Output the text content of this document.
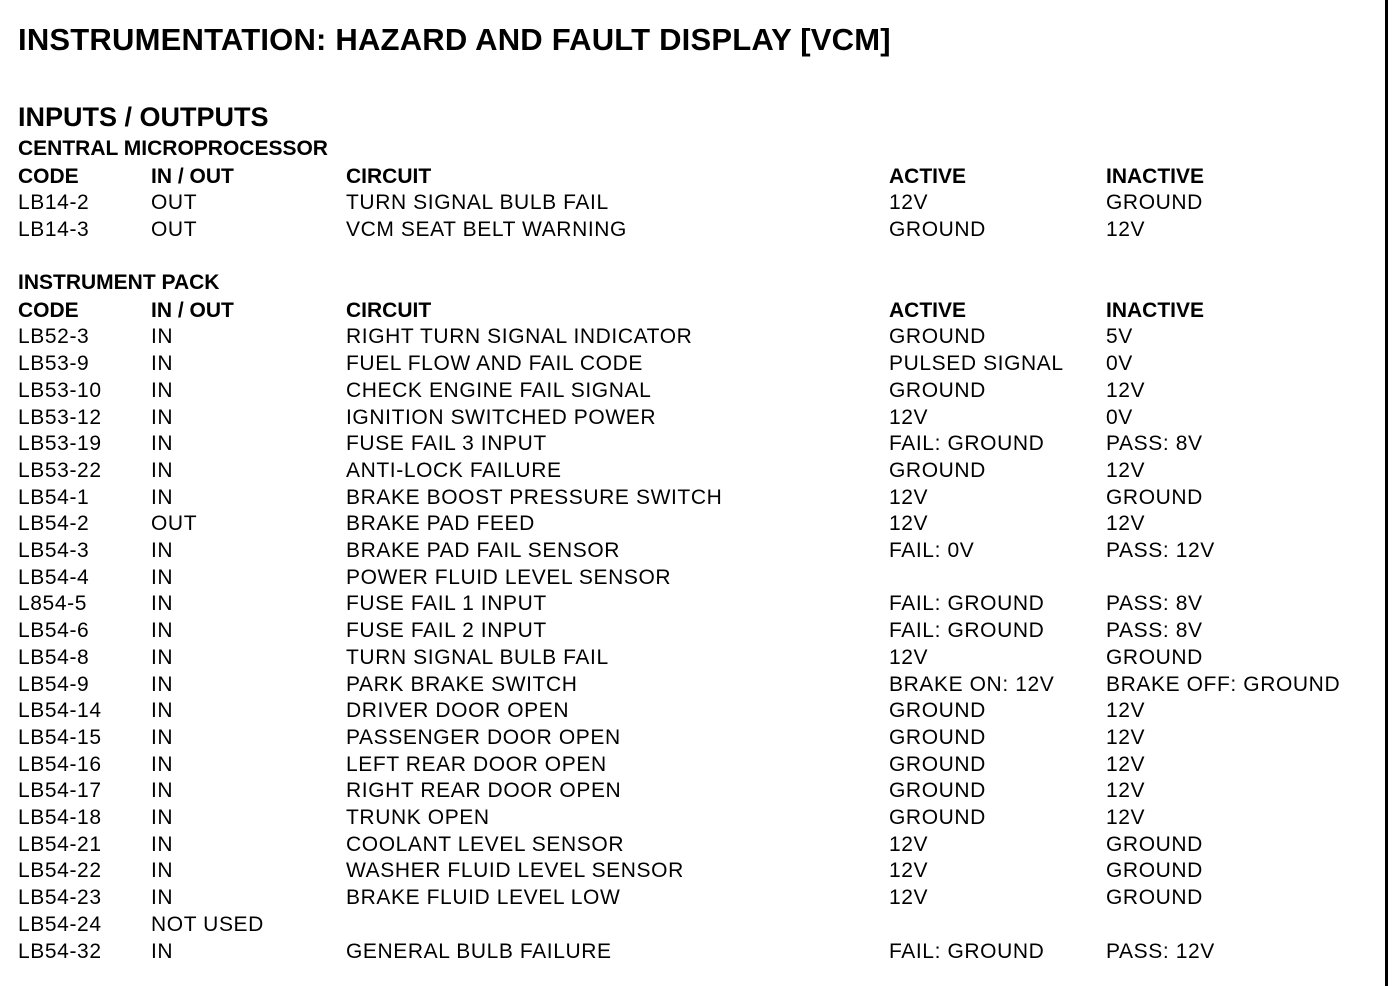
INSTRUMENTATION: HAZARD AND FAULT DISPLAY [VCM]
INPUTS / OUTPUTS
CENTRAL MICROPROCESSOR
CODE	IN / OUT	CIRCUIT	ACTIVE	INACTIVE
LB14-2	OUT	TURN SIGNAL BULB FAIL	12V	GROUND
LB14-3	OUT	VCM SEAT BELT WARNING	GROUND	12V
INSTRUMENT PACK
CODE	IN / OUT	CIRCUIT	ACTIVE	INACTIVE
LB52-3	IN	RIGHT TURN SIGNAL INDICATOR	GROUND	5V
LB53-9	IN	FUEL FLOW AND FAIL CODE	PULSED SIGNAL 0V
LB53-10 IN	CHECK ENGINE FAIL SIGNAL	GROUND	12V
LB53-12 IN	IGNITION SWITCHED POWER	12V	0V
LB53-19 IN	FUSE FAIL 3 INPUT	FAIL: GROUND	PASS: 8V
LB53-22 IN	ANTI-LOCK FAILURE	GROUND	12V
LB54-1	IN	BRAKE BOOST PRESSURE SWITCH	12V	GROUND
LB54-2	OUT	BRAKE PAD FEED	12V	12V
LB54-3	IN	BRAKE PAD FAIL SENSOR	FAIL: 0V	PASS: 12V
LB54-4	IN	POWER FLUID LEVEL SENSOR
L854-5	IN	FUSE FAIL 1 INPUT	FAIL: GROUND	PASS: 8V
LB54-6	IN	FUSE FAIL 2 INPUT	FAIL: GROUND	PASS: 8V
LB54-8	IN	TURN SIGNAL BULB FAIL	12V	GROUND
LB54-9	IN	PARK BRAKE SWITCH	BRAKE ON: 12V BRAKE OFF: GROUND
LB54-14 IN	DRIVER DOOR OPEN	GROUND	12V
LB54-15 IN	PASSENGER DOOR OPEN	GROUND	12V
LB54-16 IN	LEFT REAR DOOR OPEN	GROUND	12V
LB54-17 IN	RIGHT REAR DOOR OPEN	GROUND	12V
LB54-18 IN	TRUNK OPEN	GROUND	12V
LB54-21 IN	COOLANT LEVEL SENSOR	12V	GROUND
LB54-22 IN	WASHER FLUID LEVEL SENSOR	12V	GROUND
LB54-23 IN	BRAKE FLUID LEVEL LOW	12V	GROUND
LB54-24 NOT USED
LB54-32 IN	GENERAL BULB FAILURE	FAIL: GROUND	PASS: 12V
